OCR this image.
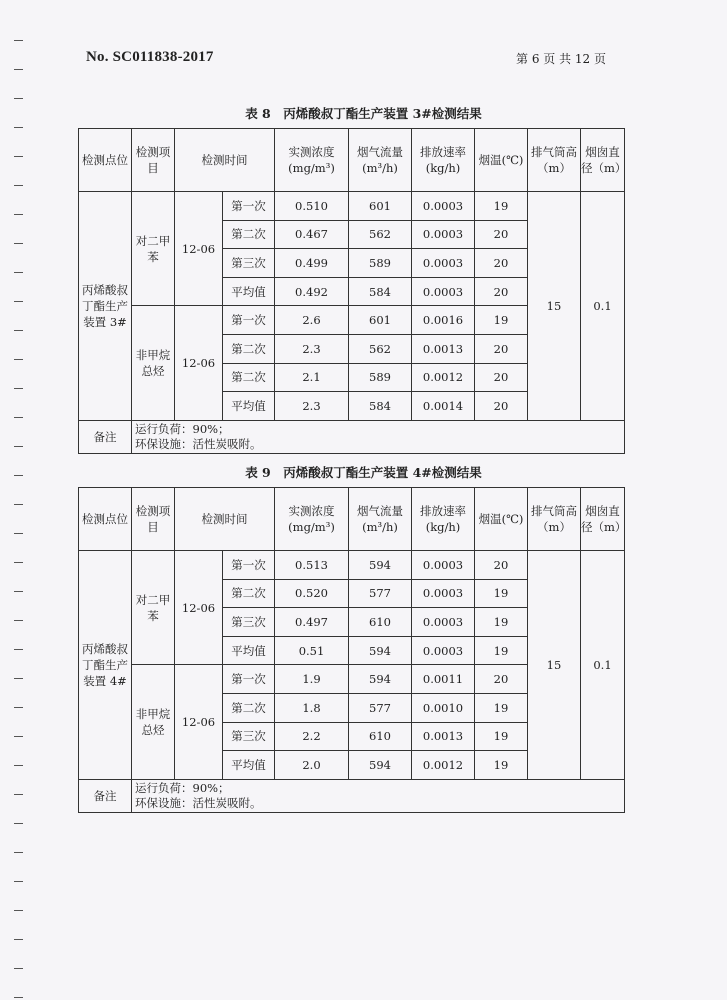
No. SC011838-2017	第 6 页 共 12 页
表 8　丙烯酸叔丁酯生产装置 3#检测结果
检测点位	检测项目	检测时间		实测浓度(mg/m³)	烟气流量(m³/h)	排放速率(kg/h)	烟温(℃)	排气筒高（m）	烟囱直径（m）
丙烯酸叔丁酯生产装置 3#	对二甲苯	12-06	第一次	0.510	601	0.0003	19	15	0.1
			第二次	0.467	562	0.0003	20		
			第三次	0.499	589	0.0003	20		
			平均值	0.492	584	0.0003	20		
	非甲烷总烃	12-06	第一次	2.6	601	0.0016	19		
			第二次	2.3	562	0.0013	20		
			第二次	2.1	589	0.0012	20		
			平均值	2.3	584	0.0014	20		
备注	运行负荷：90%；
环保设施：活性炭吸附。								
表 9　丙烯酸叔丁酯生产装置 4#检测结果
检测点位	检测项目	检测时间		实测浓度(mg/m³)	烟气流量(m³/h)	排放速率(kg/h)	烟温(℃)	排气筒高（m）	烟囱直径（m）
丙烯酸叔丁酯生产装置 4#	对二甲苯	12-06	第一次	0.513	594	0.0003	20	15	0.1
			第二次	0.520	577	0.0003	19		
			第三次	0.497	610	0.0003	19		
			平均值	0.51	594	0.0003	19		
	非甲烷总烃	12-06	第一次	1.9	594	0.0011	20		
			第二次	1.8	577	0.0010	19		
			第三次	2.2	610	0.0013	19		
			平均值	2.0	594	0.0012	19		
备注	运行负荷：90%；
环保设施：活性炭吸附。								
